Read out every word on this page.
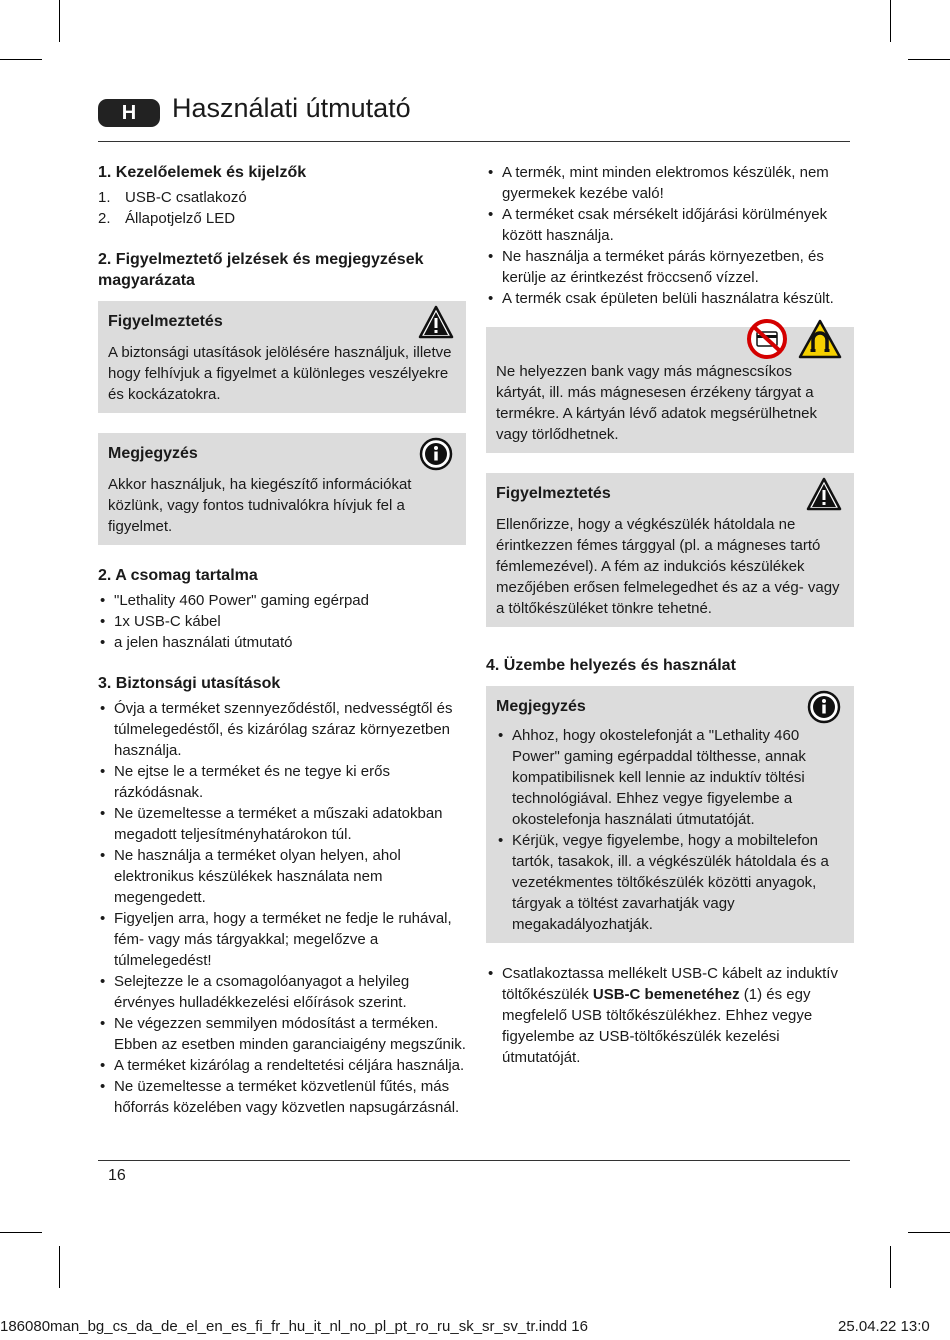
H	Használati útmutató
1. Kezelőelemek és kijelzők
1. USB-C csatlakozó
2. Állapotjelző LED
2. Figyelmeztető jelzések és megjegyzések magyarázata
Figyelmeztetés

A biztonsági utasítások jelölésére használjuk, illetve hogy felhívjuk a figyelmet a különleges veszélyekre és kockázatokra.

Megjegyzés

Akkor használjuk, ha kiegészítő információkat közlünk, vagy fontos tudnivalókra hívjuk fel a figyelmet.

2. A csomag tartalma
• "Lethality 460 Power" gaming egérpad
• 1x USB-C kábel
• a jelen használati útmutató
3. Biztonsági utasítások
• Óvja a terméket szennyeződéstől, nedvességtől és túlmelegedéstől, és kizárólag száraz környezetben használja.
• Ne ejtse le a terméket és ne tegye ki erős rázkódásnak.
• Ne üzemeltesse a terméket a műszaki adatokban megadott teljesítményhatárokon túl.
• Ne használja a terméket olyan helyen, ahol elektronikus készülékek használata nem megengedett.
• Figyeljen arra, hogy a terméket ne fedje le ruhával, fém- vagy más tárgyakkal; megelőzve a túlmelegedést!
• Selejtezze le a csomagolóanyagot a helyileg érvényes hulladékkezelési előírások szerint.
• Ne végezzen semmilyen módosítást a terméken. Ebben az esetben minden garanciaigény megszűnik.
• A terméket kizárólag a rendeltetési céljára használja.
• Ne üzemeltesse a terméket közvetlenül fűtés, más hőforrás közelében vagy közvetlen napsugárzásnál.
• A termék, mint minden elektromos készülék, nem gyermekek kezébe való!
• A terméket csak mérsékelt időjárási körülmények között használja.
• Ne használja a terméket párás környezetben, és kerülje az érintkezést fröccsenő vízzel.
• A termék csak épületen belüli használatra készült.

Ne helyezzen bank vagy más mágnescsíkos kártyát, ill. más mágnesesen érzékeny tárgyat a termékre. A kártyán lévő adatok megsérülhetnek vagy törlődhetnek.

Figyelmeztetés

Ellenőrizze, hogy a végkészülék hátoldala ne érintkezzen fémes tárggyal (pl. a mágneses tartó fémlemezével). A fém az indukciós készülékek mezőjében erősen felmelegedhet és az a vég- vagy a töltőkészüléket tönkre tehetné.

4. Üzembe helyezés és használat
Megjegyzés
• Ahhoz, hogy okostelefonját a "Lethality 460 Power" gaming egérpaddal tölthesse, annak kompatibilisnek kell lennie az induktív töltési technológiával. Ehhez vegye figyelembe a okostelefonja használati útmutatóját.
• Kérjük, vegye figyelembe, hogy a mobiltelefon tartók, tasakok, ill. a végkészülék hátoldala és a vezetékmentes töltőkészülék közötti anyagok, tárgyak a töltést zavarhatják vagy megakadályozhatják.
• Csatlakoztassa mellékelt USB-C kábelt az induktív töltőkészülék USB-C bemenetéhez (1) és egy megfelelő USB töltőkészülékhez. Ehhez vegye figyelembe az USB-töltőkészülék kezelési útmutatóját.
16
186080man_bg_cs_da_de_el_en_es_fi_fr_hu_it_nl_no_pl_pt_ro_ru_sk_sr_sv_tr.indd 16	25.04.22 13:0
